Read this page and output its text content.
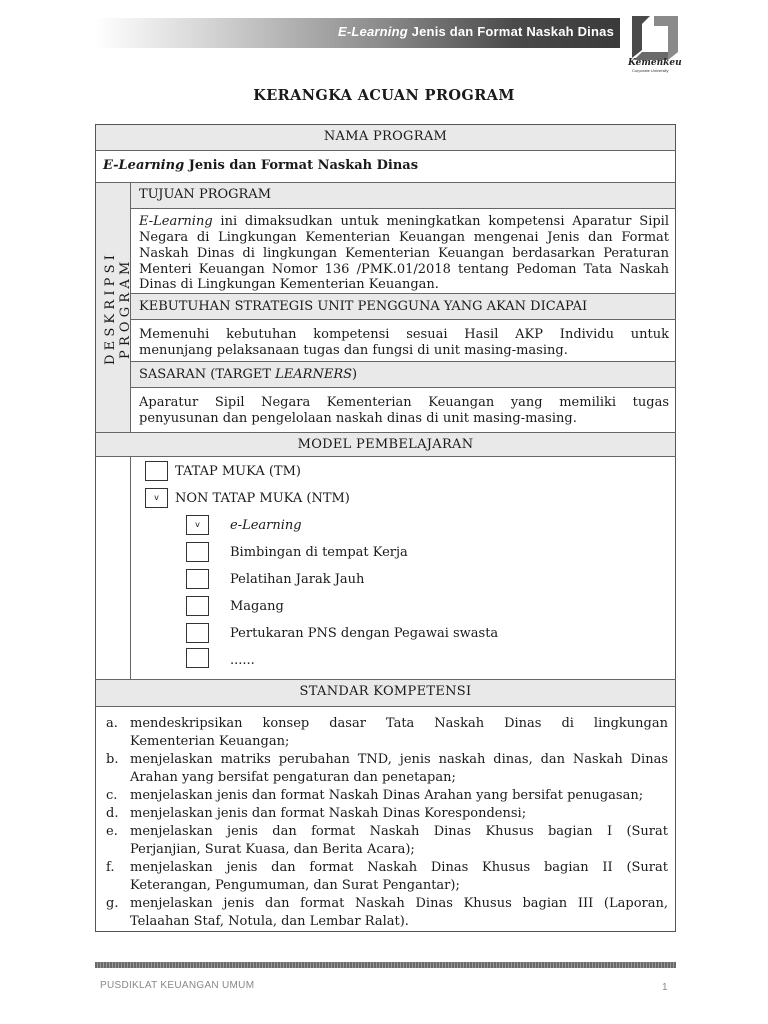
E-Learning Jenis dan Format Naskah Dinas
Kemenkeu
Corporate University
KERANGKA ACUAN PROGRAM
NAMA PROGRAM
E-Learning Jenis dan Format Naskah Dinas
DESKRIPSI PROGRAM
TUJUAN PROGRAM
E-Learning ini dimaksudkan untuk meningkatkan kompetensi Aparatur Sipil
Negara di Lingkungan Kementerian Keuangan mengenai Jenis dan Format
Naskah Dinas di lingkungan Kementerian Keuangan berdasarkan Peraturan
Menteri Keuangan Nomor 136 /PMK.01/2018 tentang Pedoman Tata Naskah
Dinas di Lingkungan Kementerian Keuangan.
KEBUTUHAN STRATEGIS UNIT PENGGUNA YANG AKAN DICAPAI
Memenuhi kebutuhan kompetensi sesuai Hasil AKP Individu untuk
menunjang pelaksanaan tugas dan fungsi di unit masing-masing.
SASARAN (TARGET LEARNERS)
Aparatur Sipil Negara Kementerian Keuangan yang memiliki tugas
penyusunan dan pengelolaan naskah dinas di unit masing-masing.
MODEL PEMBELAJARAN
TATAP MUKA (TM)
v	NON TATAP MUKA (NTM)
v	e-Learning
Bimbingan di tempat Kerja
Pelatihan Jarak Jauh
Magang
Pertukaran PNS dengan Pegawai swasta
......
STANDAR KOMPETENSI
a. mendeskripsikan konsep dasar Tata Naskah Dinas di lingkungan
Kementerian Keuangan;
b. menjelaskan matriks perubahan TND, jenis naskah dinas, dan Naskah Dinas
Arahan yang bersifat pengaturan dan penetapan;
c. menjelaskan jenis dan format Naskah Dinas Arahan yang bersifat penugasan;
d. menjelaskan jenis dan format Naskah Dinas Korespondensi;
e. menjelaskan jenis dan format Naskah Dinas Khusus bagian I (Surat
Perjanjian, Surat Kuasa, dan Berita Acara);
f. menjelaskan jenis dan format Naskah Dinas Khusus bagian II (Surat
Keterangan, Pengumuman, dan Surat Pengantar);
g. menjelaskan jenis dan format Naskah Dinas Khusus bagian III (Laporan,
Telaahan Staf, Notula, dan Lembar Ralat).
PUSDIKLAT KEUANGAN UMUM	1
